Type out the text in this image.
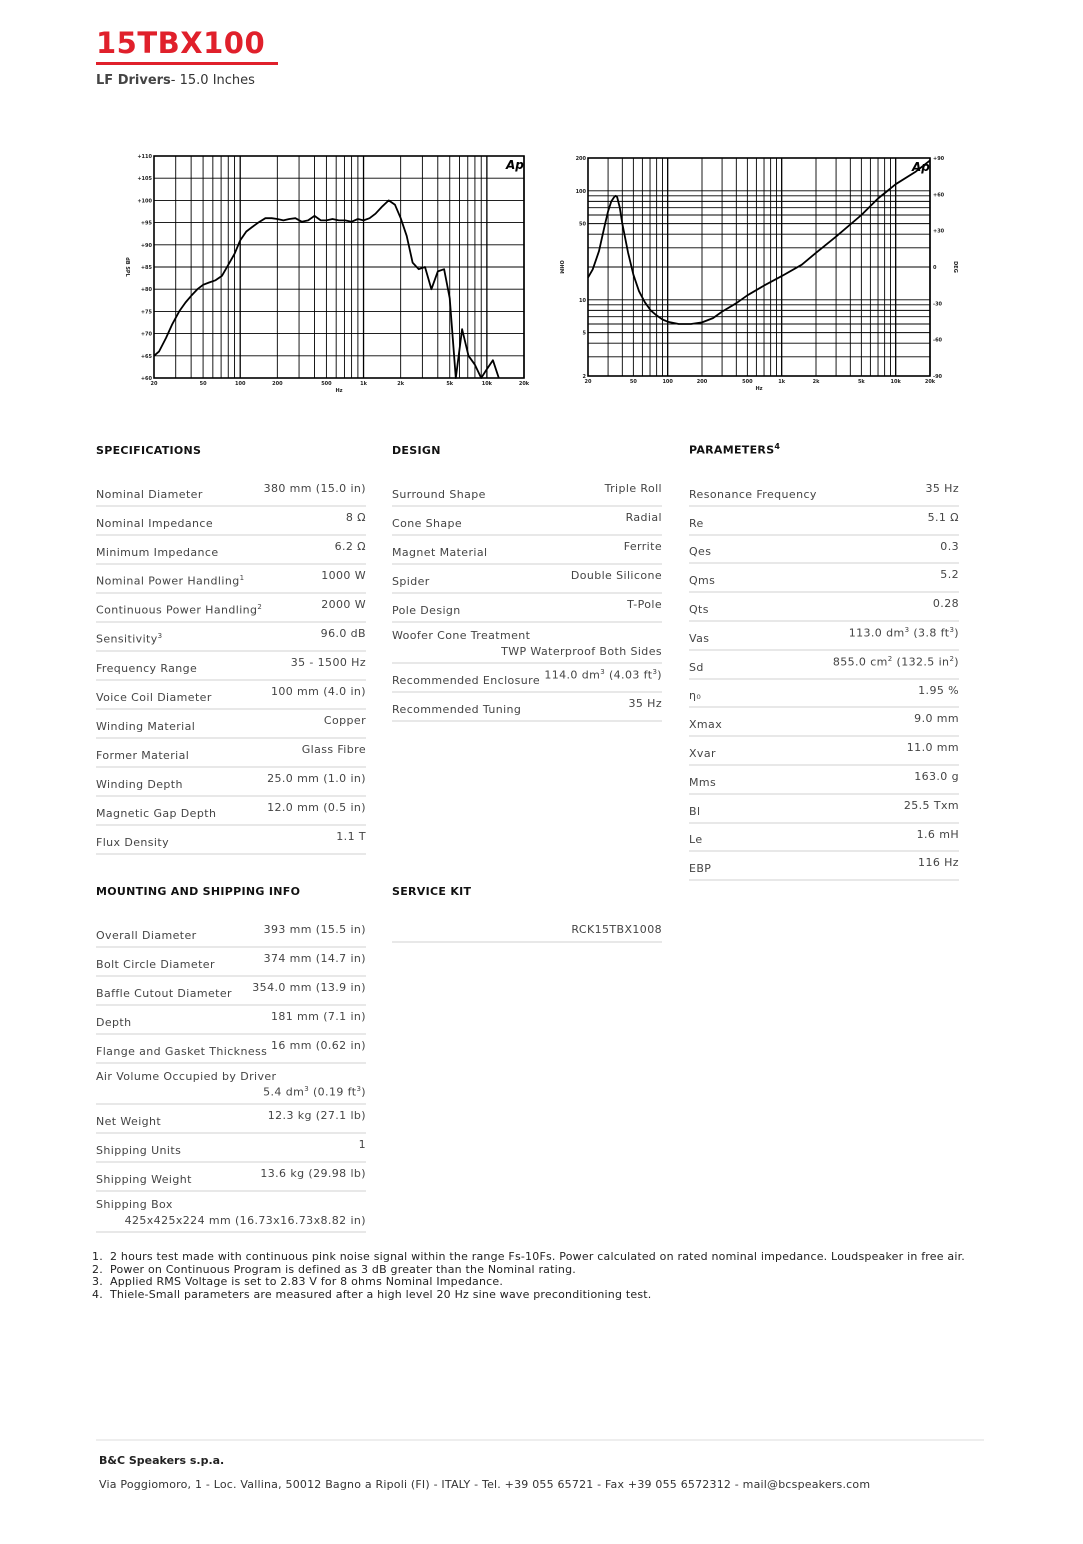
15TBX100
LF Drivers- 15.0 Inches
20	50	100	200	500	1k	2k	5k	10k	20k
Hz
+110
+105
+100
+95
+90
+85
+80
+75
+70
+65
+60
dB SPL
Ap
20	50	100	200	500	1k	2k	5k	10k	20k
Hz
200
100
50
10
5
2
OHM
+90
+60
+30
0
-30
-60
-90
DEG
Ap
SPECIFICATIONS	DESIGN	PARAMETERS$^4$
MOUNTING AND SHIPPING INFO	SERVICE KIT
Nominal Diameter	380 mm (15.0 in)
Nominal Impedance	8 Ω
Minimum Impedance	6.2 Ω
Nominal Power Handling$^1$	1000 W
Continuous Power Handling$^2$	2000 W
Sensitivity$^3$	96.0 dB
Frequency Range	35 - 1500 Hz
Voice Coil Diameter	100 mm (4.0 in)
Winding Material	Copper
Former Material	Glass Fibre
Winding Depth	25.0 mm (1.0 in)
Magnetic Gap Depth	12.0 mm (0.5 in)
Flux Density	1.1 T
Surround Shape	Triple Roll
Cone Shape	Radial
Magnet Material	Ferrite
Spider	Double Silicone
Pole Design	T-Pole
Woofer Cone Treatment
TWP Waterproof Both Sides
Recommended Enclosure 114.0 $dm^3$ (4.03 $ft^3$)
Recommended Tuning	35 Hz
Resonance Frequency	35 Hz
Re	5.1 Ω
Qes	0.3
Qms	5.2
Qts	0.28
Vas	113.0 $dm^3$ (3.8 $ft^3$)
Sd	855.0 $cm^2$ (132.5 $in^2$)
η₀	1.95 %
Xmax	9.0 mm
Xvar	11.0 mm
Mms	163.0 g
Bl	25.5 Txm
Le	1.6 mH
EBP	116 Hz
Overall Diameter	393 mm (15.5 in)
Bolt Circle Diameter	374 mm (14.7 in)
Baffle Cutout Diameter 354.0 mm (13.9 in)
Depth	181 mm (7.1 in)
Flange and Gasket Thickness 16 mm (0.62 in)
Air Volume Occupied by Driver
5.4 $dm^3$ (0.19 $ft^3$)
Net Weight	12.3 kg (27.1 lb)
Shipping Units	1
Shipping Weight	13.6 kg (29.98 lb)
Shipping Box
425x425x224 mm (16.73x16.73x8.82 in)
RCK15TBX1008
1. 2 hours test made with continuous pink noise signal within the range Fs-10Fs. Power calculated on rated nominal impedance. Loudspeaker in free air.
2. Power on Continuous Program is defined as 3 dB greater than the Nominal rating.
3. Applied RMS Voltage is set to 2.83 V for 8 ohms Nominal Impedance.
4. Thiele-Small parameters are measured after a high level 20 Hz sine wave preconditioning test.
B&C Speakers s.p.a.
Via Poggiomoro, 1 - Loc. Vallina, 50012 Bagno a Ripoli (FI) - ITALY - Tel. +39 055 65721 - Fax +39 055 6572312 - mail@bcspeakers.com
